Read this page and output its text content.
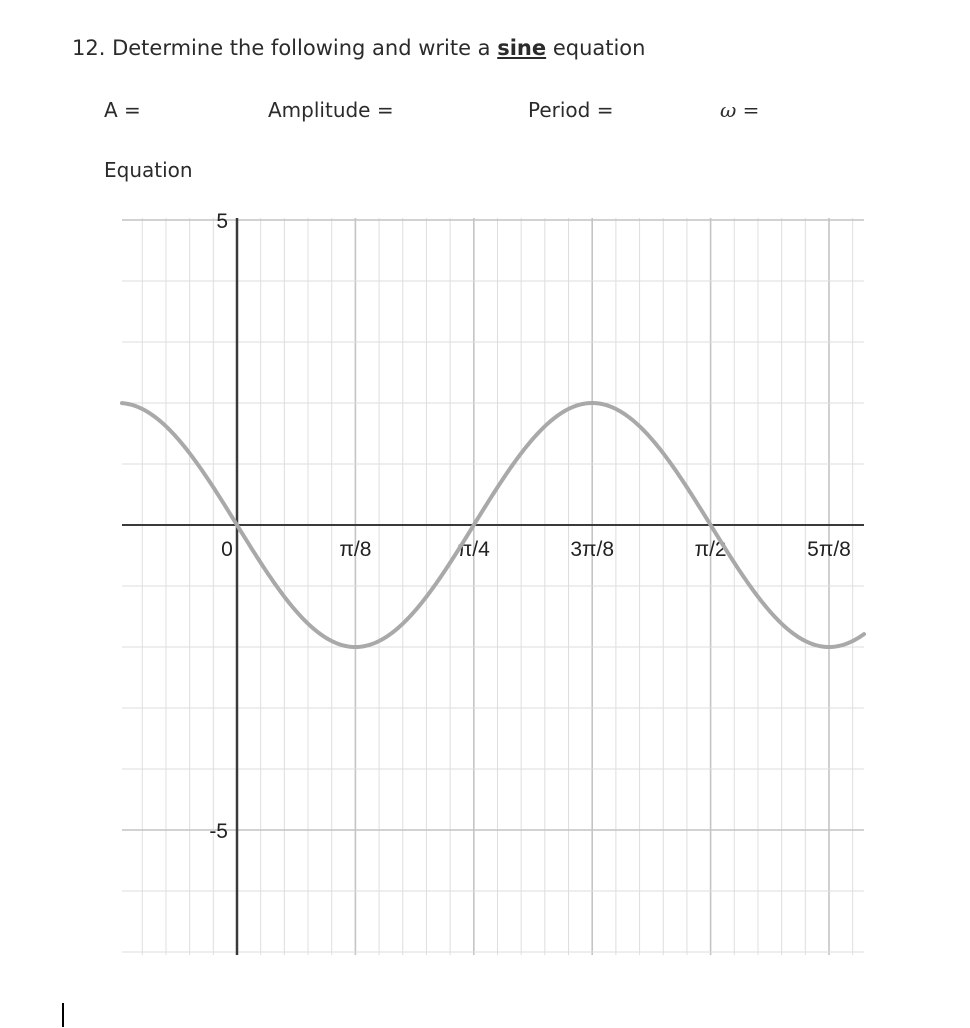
12. Determine the following and write a sine equation
A =	Amplitude =	Period =	ω =
Equation
0	π/8	π/4	3π/8	π/2	5π/8
5
-5
